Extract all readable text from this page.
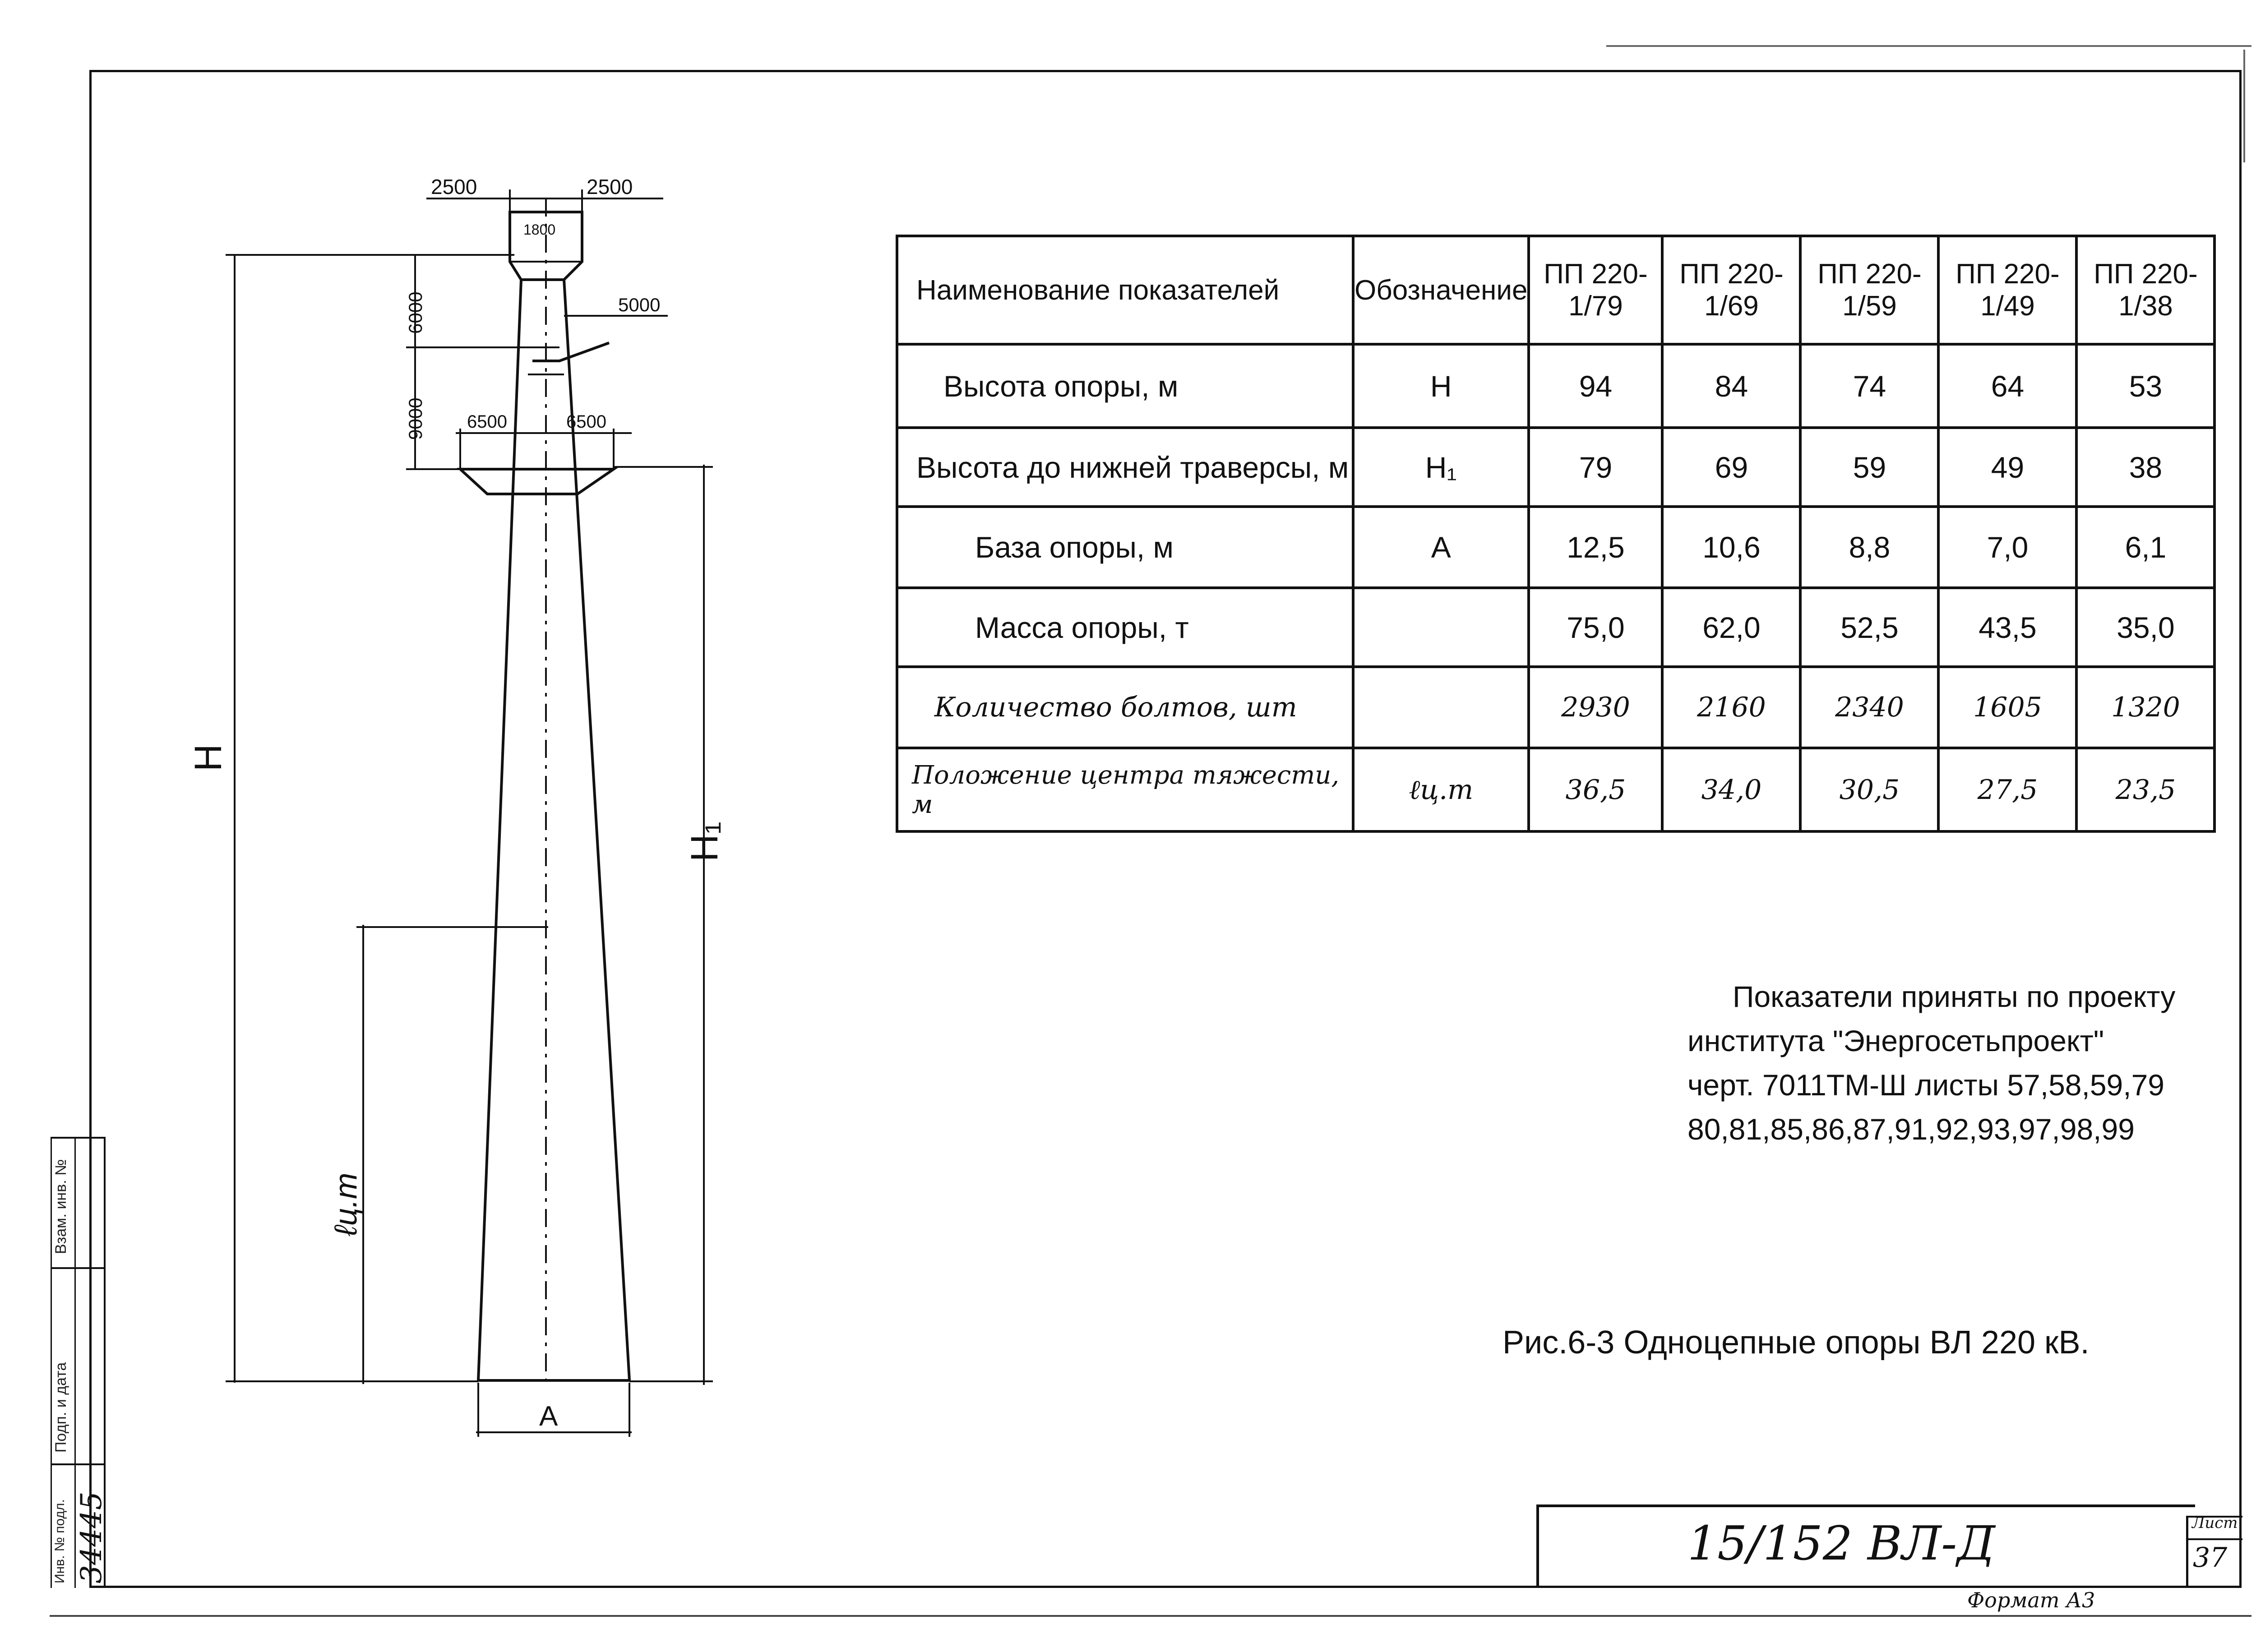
Взам. инв. №
Подп. и дата
Инв. № подл. 34445
2500	2500
1800
5000
6000
9000 6500	6500
H
H₁
A
ℓц.т
Наименование показателей	Обозначение	ПП 220-1/79	ПП 220-1/69	ПП 220-1/59	ПП 220-1/49	ПП 220-1/38
Высота опоры, м	H	94	84	74	64	53
Высота до нижней траверсы, м	H₁	79	69	59	49	38
База опоры, м	A	12,5	10,6	8,8	7,0	6,1
Масса опоры, т		75,0	62,0	52,5	43,5	35,0
Количество болтов, шт		2930	2160	2340	1605	1320
Положение центра тяжести, м	ℓц.т	36,5	34,0	30,5	27,5	23,5
Показатели приняты по проекту
института "Энергосетьпроект"
черт. 7011ТМ-Ш листы 57,58,59,79
80,81,85,86,87,91,92,93,97,98,99
Рис.6-3 Одноцепные опоры ВЛ 220 кВ.
15/152 ВЛ-Д	Лист
37
Формат А3
